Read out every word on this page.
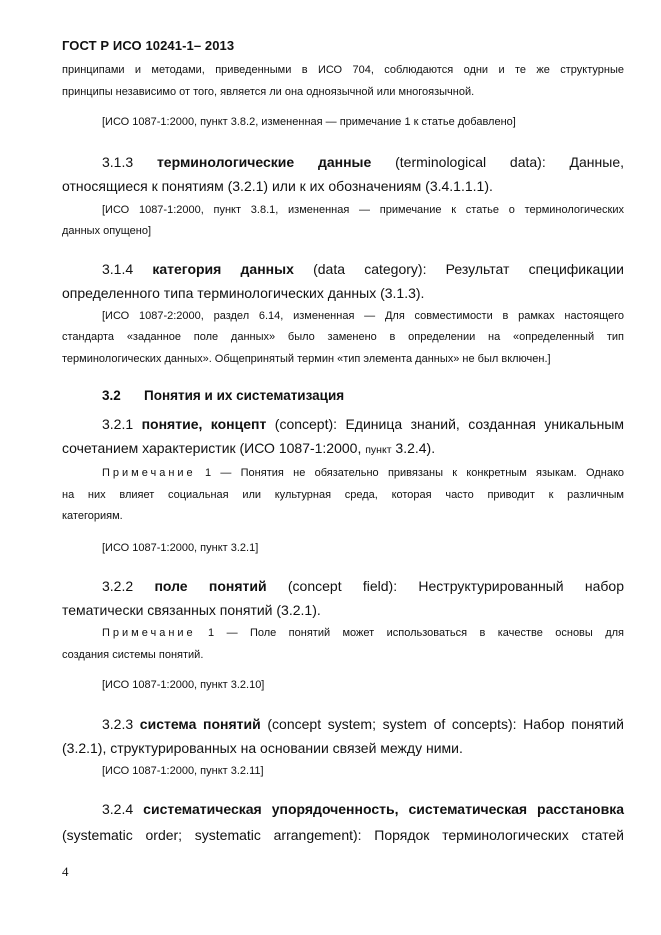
ГОСТ Р ИСО 10241-1– 2013

принципами и методами, приведенными в ИСО 704, соблюдаются одни и те же структурные

принципы независимо от того, является ли она одноязычной или многоязычной.

[ИСО 1087-1:2000, пункт 3.8.2, измененная — примечание 1 к статье добавлено]

3.1.3 терминологические данные (terminological data): Данные,

относящиеся к понятиям (3.2.1) или к их обозначениям (3.4.1.1.1).

[ИСО 1087-1:2000, пункт 3.8.1, измененная — примечание к статье о терминологических

данных опущено]

3.1.4 категория данных (data category): Результат спецификации

определенного типа терминологических данных (3.1.3).

[ИСО 1087-2:2000, раздел 6.14, измененная — Для совместимости в рамках настоящего

стандарта «заданное поле данных» было заменено в определении на «определенный тип

терминологических данных». Общепринятый термин «тип элемента данных» не был включен.]

3.2 Понятия и их систематизация

3.2.1 понятие, концепт (concept): Единица знаний, созданная уникальным

сочетанием характеристик (ИСО 1087-1:2000, пункт 3.2.4).

Примечание 1 — Понятия не обязательно привязаны к конкретным языкам. Однако

на них влияет социальная или культурная среда, которая часто приводит к различным

категориям.

[ИСО 1087-1:2000, пункт 3.2.1]

3.2.2 поле понятий (concept field): Неструктурированный набор

тематически связанных понятий (3.2.1).

Примечание 1 — Поле понятий может использоваться в качестве основы для

создания системы понятий.

[ИСО 1087-1:2000, пункт 3.2.10]

3.2.3 система понятий (concept system; system of concepts): Набор понятий

(3.2.1), структурированных на основании связей между ними.

[ИСО 1087-1:2000, пункт 3.2.11]

3.2.4 систематическая упорядоченность, систематическая расстановка

(systematic order; systematic arrangement): Порядок терминологических статей

4
